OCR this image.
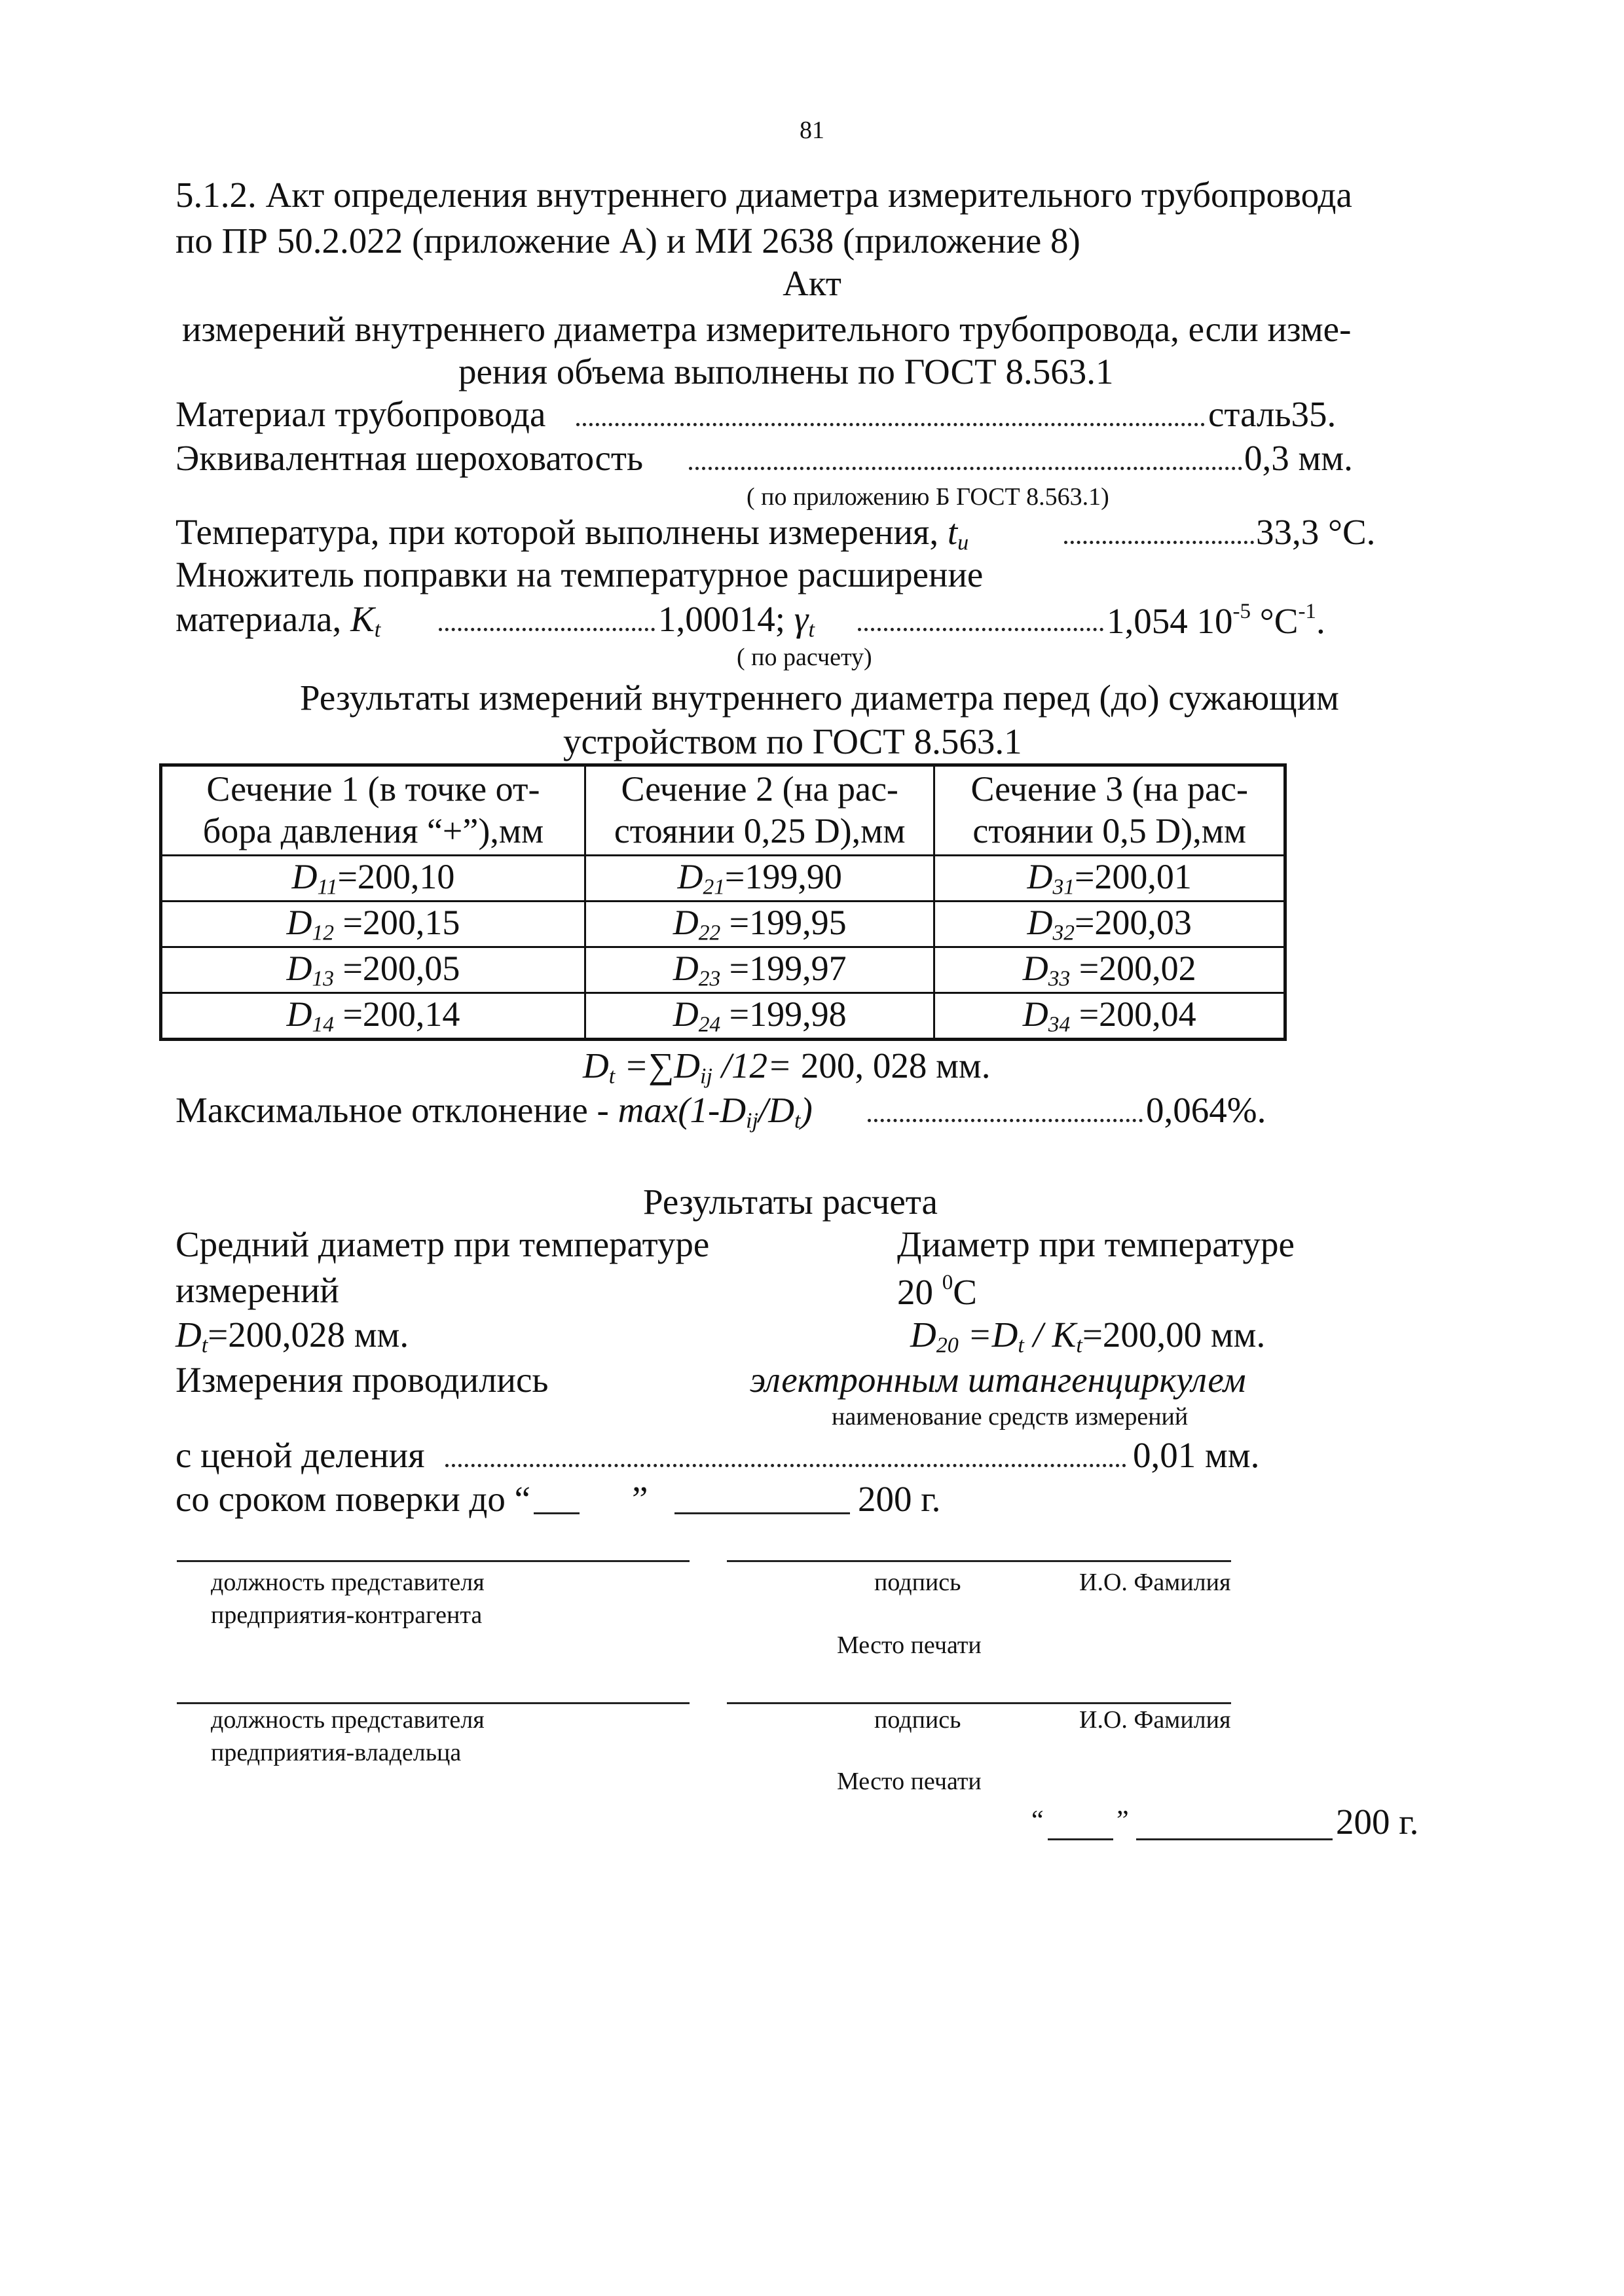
81
5.1.2. Акт определения внутреннего диаметра измерительного трубопровода
по ПР 50.2.022 (приложение А) и МИ 2638 (приложение 8)
Акт
измерений внутреннего диаметра измерительного трубопровода, если изме-
рения объема выполнены по ГОСТ 8.563.1
Материал трубопровода	сталь35.
Эквивалентная шероховатость	0,3 мм.
( по приложению Б ГОСТ 8.563.1)
Температура, при которой выполнены измерения, $t_и$	33,3 °С.
Множитель поправки на температурное расширение
материала, $K_t$	1,00014; $\gamma_t$	1,054 $10^{-5}$ $^\circ С^{-1}$.
( по расчету)
Результаты измерений внутреннего диаметра перед (до) сужающим
устройством по ГОСТ 8.563.1
Сечение 1 (в точке от-
бора давления “+”),мм	Сечение 2 (на рас-
стоянии 0,25 D),мм	Сечение 3 (на рас-
стоянии 0,5 D),мм
$D_{11}=200,10$	$D_{21}=199,90$	$D_{31}=200,01$
$D_{12} =200,15$	$D_{22} =199,95$	$D_{32}=200,03$
$D_{13} =200,05$	$D_{23} =199,97$	$D_{33} =200,02$
$D_{14} =200,14$	$D_{24} =199,98$	$D_{34} =200,04$
$D_t =\sum D_{ij}$ /12= 200, 028 мм.
Максимальное отклонение - $\max(1-D_{ij}/D_t)$	0,064%.
Результаты расчета
Средний диаметр при температуре
измерений
$D_t=200,028$ мм.
Диаметр при температуре
20 $^0$С
$D_{20} =D_t / K_t=200,00$ мм.
Измерения проводились	электронным штангенциркулем
наименование средств измерений
с ценой деления	0,01 мм.
со сроком поверки до “	”	200 г.
должность представителя
предприятия-контрагента
подпись	И.О. Фамилия
Место печати
должность представителя
предприятия-владельца
подпись	И.О. Фамилия
Место печати
“	”	200 г.
